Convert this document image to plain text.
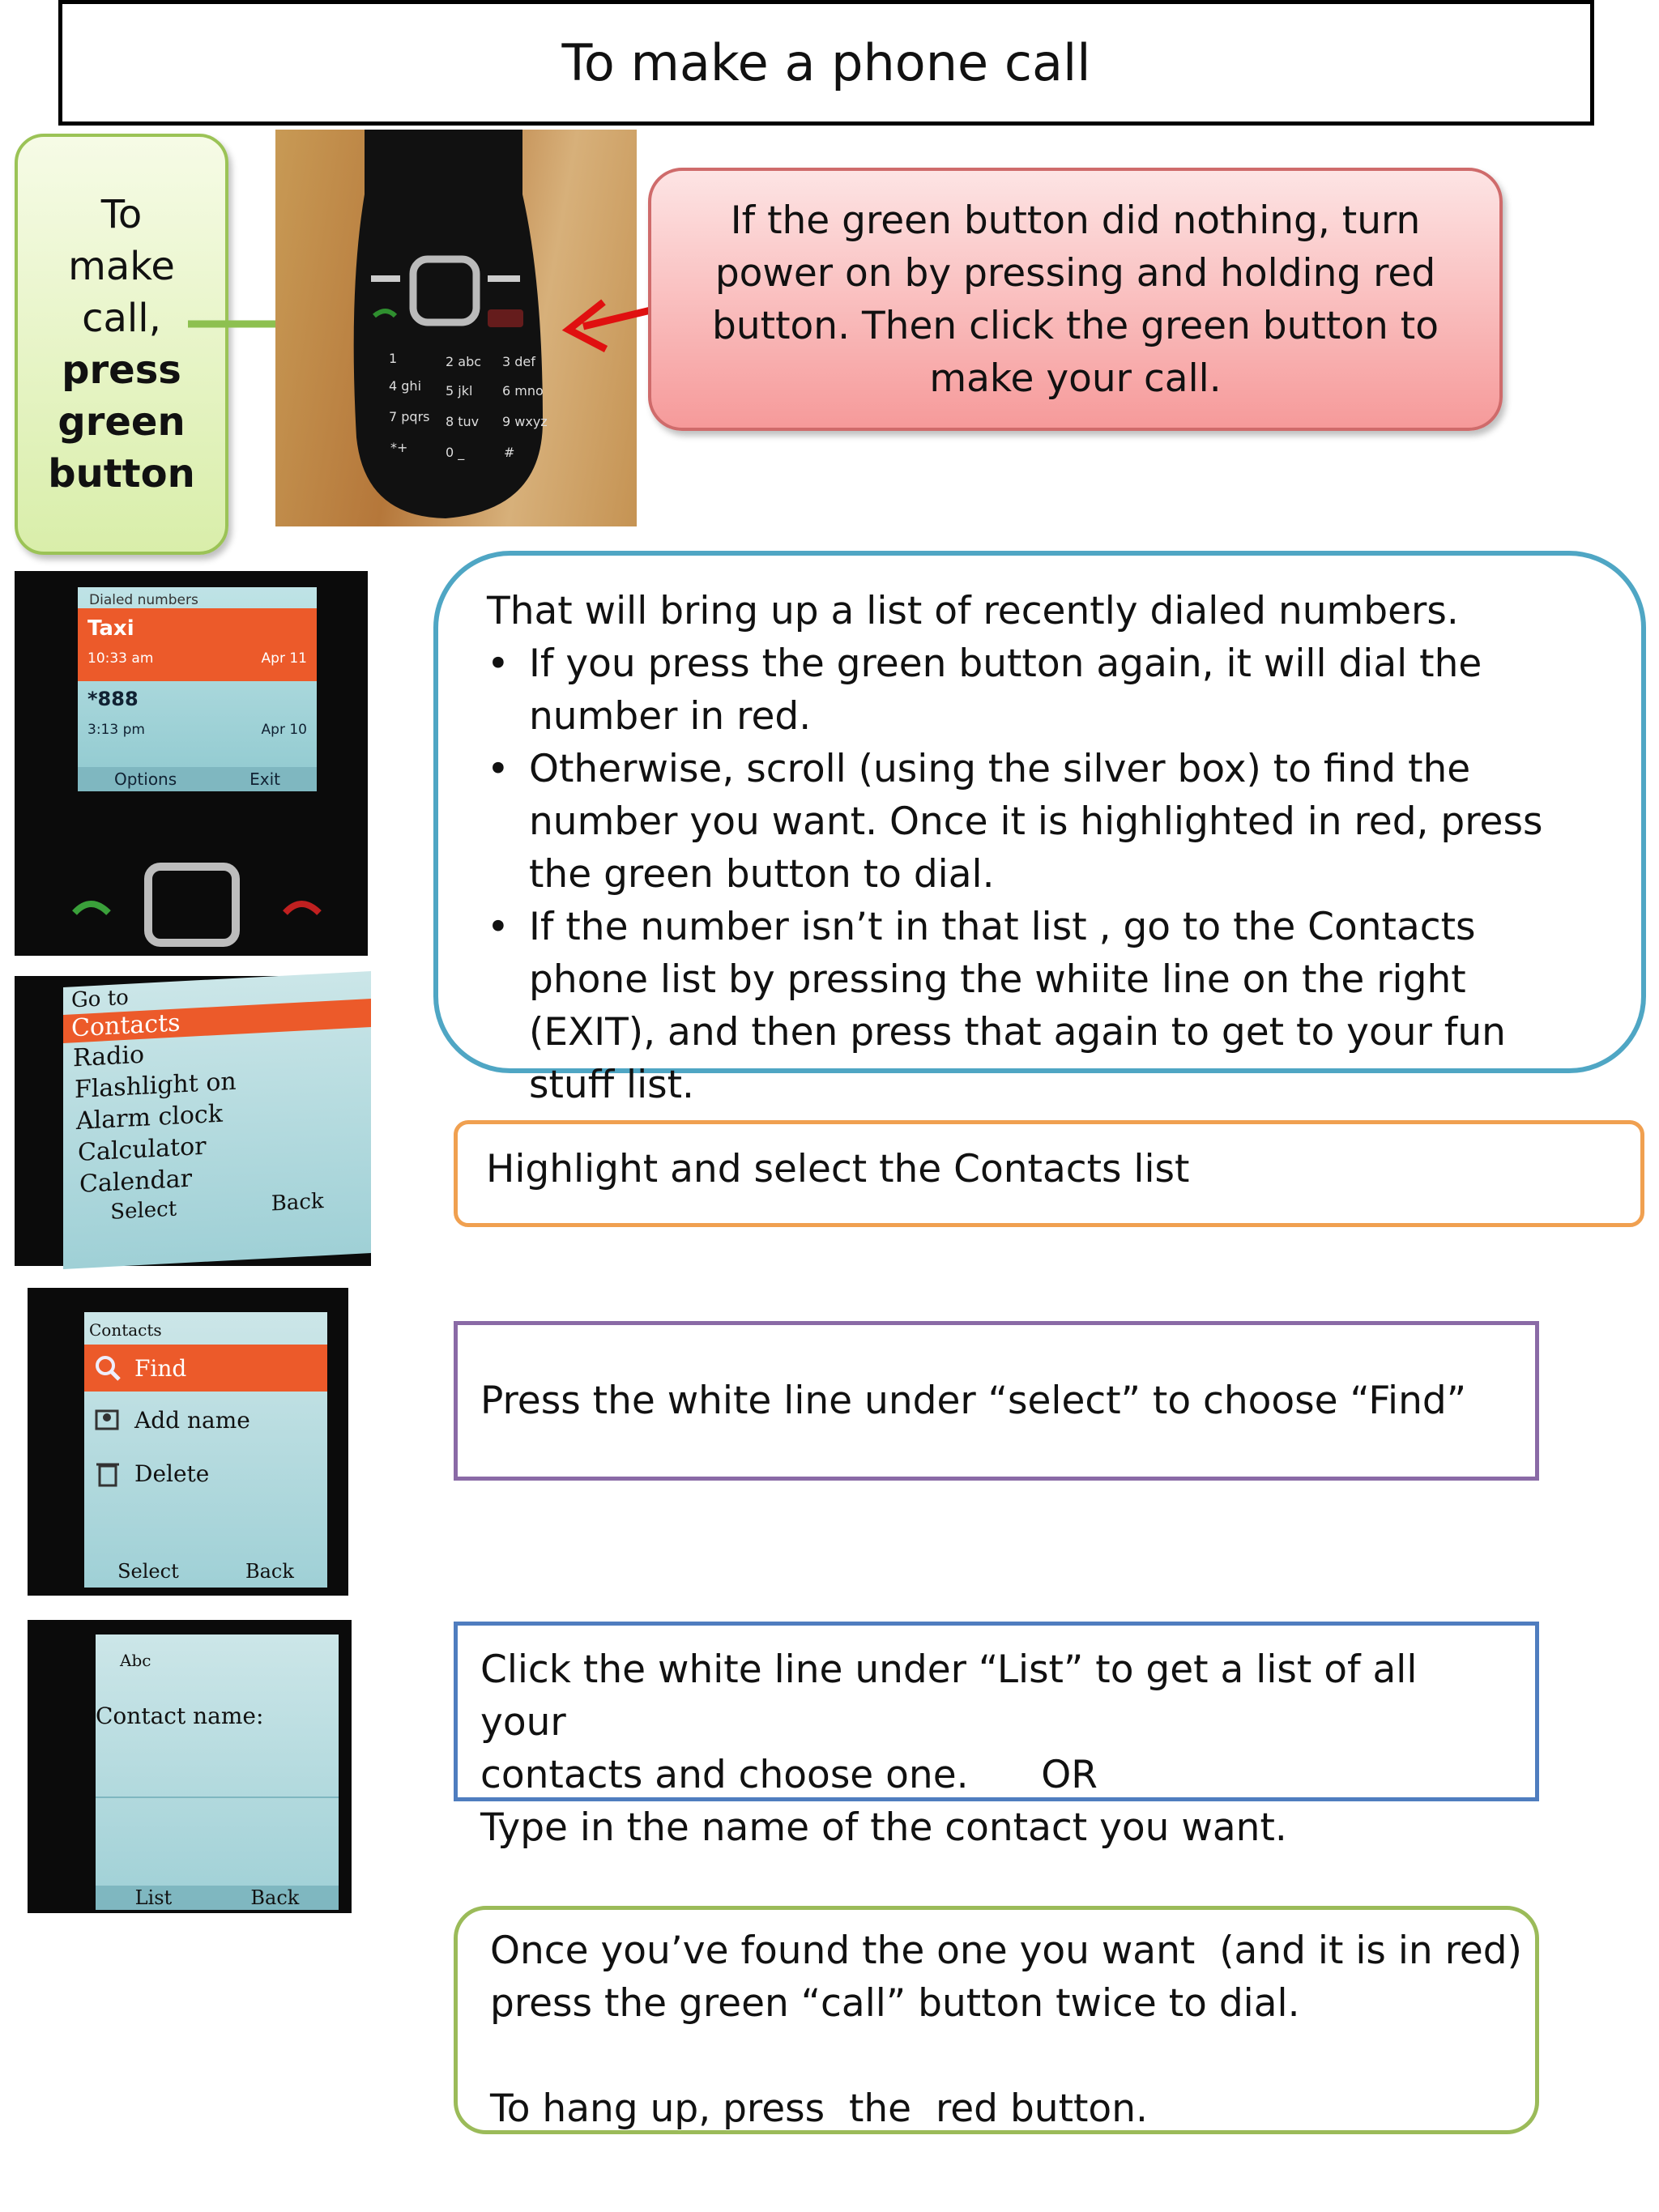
To make a phone call
To
make
call,
press
green
button
1	2 abc 3 def
4 ghi 5 jkl 6 mno
7 pqrs 8 tuv 9 wxyz
*+	0 _	#
If the green button did nothing, turn power on by pressing and holding red button. Then click the green button to make your call.
Dialed numbers
Taxi
10:33 am	Apr 11
*888
3:13 pm	Apr 10
Options	Exit
Go to
Contacts
Radio
Flashlight on
Alarm clock
Calculator
Calendar
Select	Back
Contacts
Find
Add name
Delete
Select	Back
Abc
Contact name:
List	Back
That will bring up a list of recently dialed numbers.
• If you press the green button again, it will dial the number in red.
• Otherwise, scroll (using the silver box) to find the number you want. Once it is highlighted in red, press the green button to dial.
• If the number isn’t in that list , go to the Contacts phone list by pressing the whiite line on the right (EXIT), and then press that again to get to your fun stuff list.
Highlight and select the Contacts list
Press the white line under “select” to choose “Find”
Click the white line under “List” to get a list of all your
contacts and choose one.      OR
Type in the name of the contact you want.
Once you’ve found the one you want  (and it is in red)
press the green “call” button twice to dial.
To hang up, press  the  red button.
